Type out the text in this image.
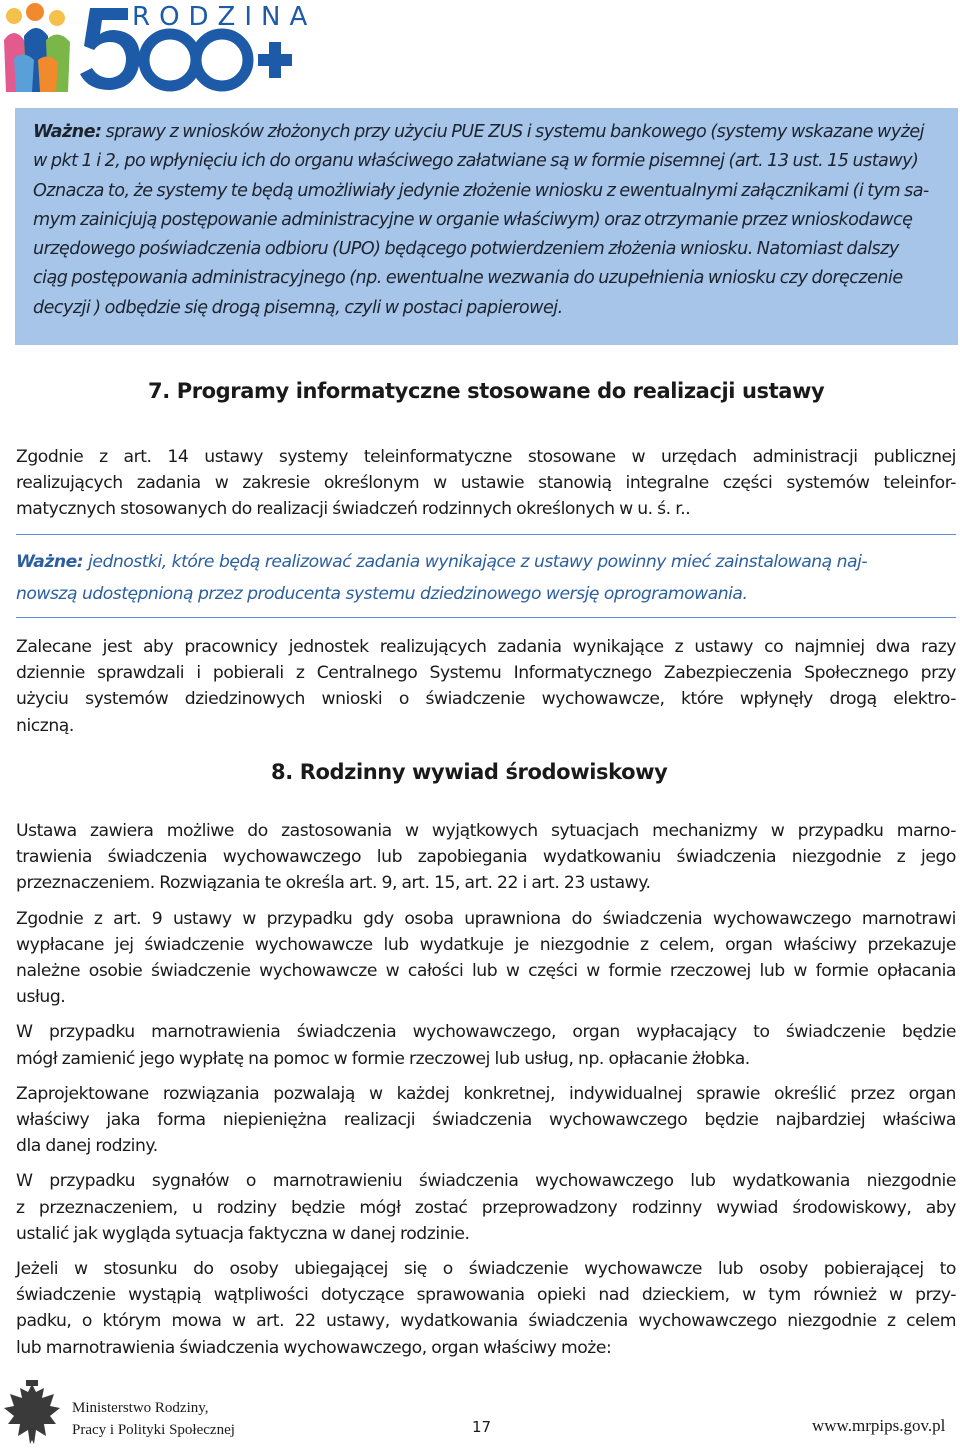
RODZINA
Ważne: sprawy z wniosków złożonych przy użyciu PUE ZUS i systemu bankowego (systemy wskazane wyżej
w pkt 1 i 2, po wpłynięciu ich do organu właściwego załatwiane są w formie pisemnej (art. 13 ust. 15 ustawy)
Oznacza to, że systemy te będą umożliwiały jedynie złożenie wniosku z ewentualnymi załącznikami (i tym sa-
mym zainicjują postępowanie administracyjne w organie właściwym) oraz otrzymanie przez wnioskodawcę
urzędowego poświadczenia odbioru (UPO) będącego potwierdzeniem złożenia wniosku. Natomiast dalszy
ciąg postępowania administracyjnego (np. ewentualne wezwania do uzupełnienia wniosku czy doręczenie
decyzji ) odbędzie się drogą pisemną, czyli w postaci papierowej.
7. Programy informatyczne stosowane do realizacji ustawy
Zgodnie z art. 14 ustawy systemy teleinformatyczne stosowane w urzędach administracji publicznej
realizujących zadania w zakresie określonym w ustawie stanowią integralne części systemów teleinfor-
matycznych stosowanych do realizacji świadczeń rodzinnych określonych w u. ś. r..
Ważne: jednostki, które będą realizować zadania wynikające z ustawy powinny mieć zainstalowaną naj-
nowszą udostępnioną przez producenta systemu dziedzinowego wersję oprogramowania.
Zalecane jest aby pracownicy jednostek realizujących zadania wynikające z ustawy co najmniej dwa razy
dziennie sprawdzali i pobierali z Centralnego Systemu Informatycznego Zabezpieczenia Społecznego przy
użyciu systemów dziedzinowych wnioski o świadczenie wychowawcze, które wpłynęły drogą elektro-
niczną.
8. Rodzinny wywiad środowiskowy
Ustawa zawiera możliwe do zastosowania w wyjątkowych sytuacjach mechanizmy w przypadku marno-
trawienia świadczenia wychowawczego lub zapobiegania wydatkowaniu świadczenia niezgodnie z jego
przeznaczeniem. Rozwiązania te określa art. 9, art. 15, art. 22 i art. 23 ustawy.
Zgodnie z art. 9 ustawy w przypadku gdy osoba uprawniona do świadczenia wychowawczego marnotrawi
wypłacane jej świadczenie wychowawcze lub wydatkuje je niezgodnie z celem, organ właściwy przekazuje
należne osobie świadczenie wychowawcze w całości lub w części w formie rzeczowej lub w formie opłacania
usług.
W przypadku marnotrawienia świadczenia wychowawczego, organ wypłacający to świadczenie będzie
mógł zamienić jego wypłatę na pomoc w formie rzeczowej lub usług, np. opłacanie żłobka.
Zaprojektowane rozwiązania pozwalają w każdej konkretnej, indywidualnej sprawie określić przez organ
właściwy jaka forma niepieniężna realizacji świadczenia wychowawczego będzie najbardziej właściwa
dla danej rodziny.
W przypadku sygnałów o marnotrawieniu świadczenia wychowawczego lub wydatkowania niezgodnie
z przeznaczeniem, u rodziny będzie mógł zostać przeprowadzony rodzinny wywiad środowiskowy, aby
ustalić jak wygląda sytuacja faktyczna w danej rodzinie.
Jeżeli w stosunku do osoby ubiegającej się o świadczenie wychowawcze lub osoby pobierającej to
świadczenie wystąpią wątpliwości dotyczące sprawowania opieki nad dzieckiem, w tym również w przy-
padku, o którym mowa w art. 22 ustawy, wydatkowania świadczenia wychowawczego niezgodnie z celem
lub marnotrawienia świadczenia wychowawczego, organ właściwy może:
Ministerstwo Rodziny,
Pracy i Polityki Społecznej	17	www.mrpips.gov.pl
